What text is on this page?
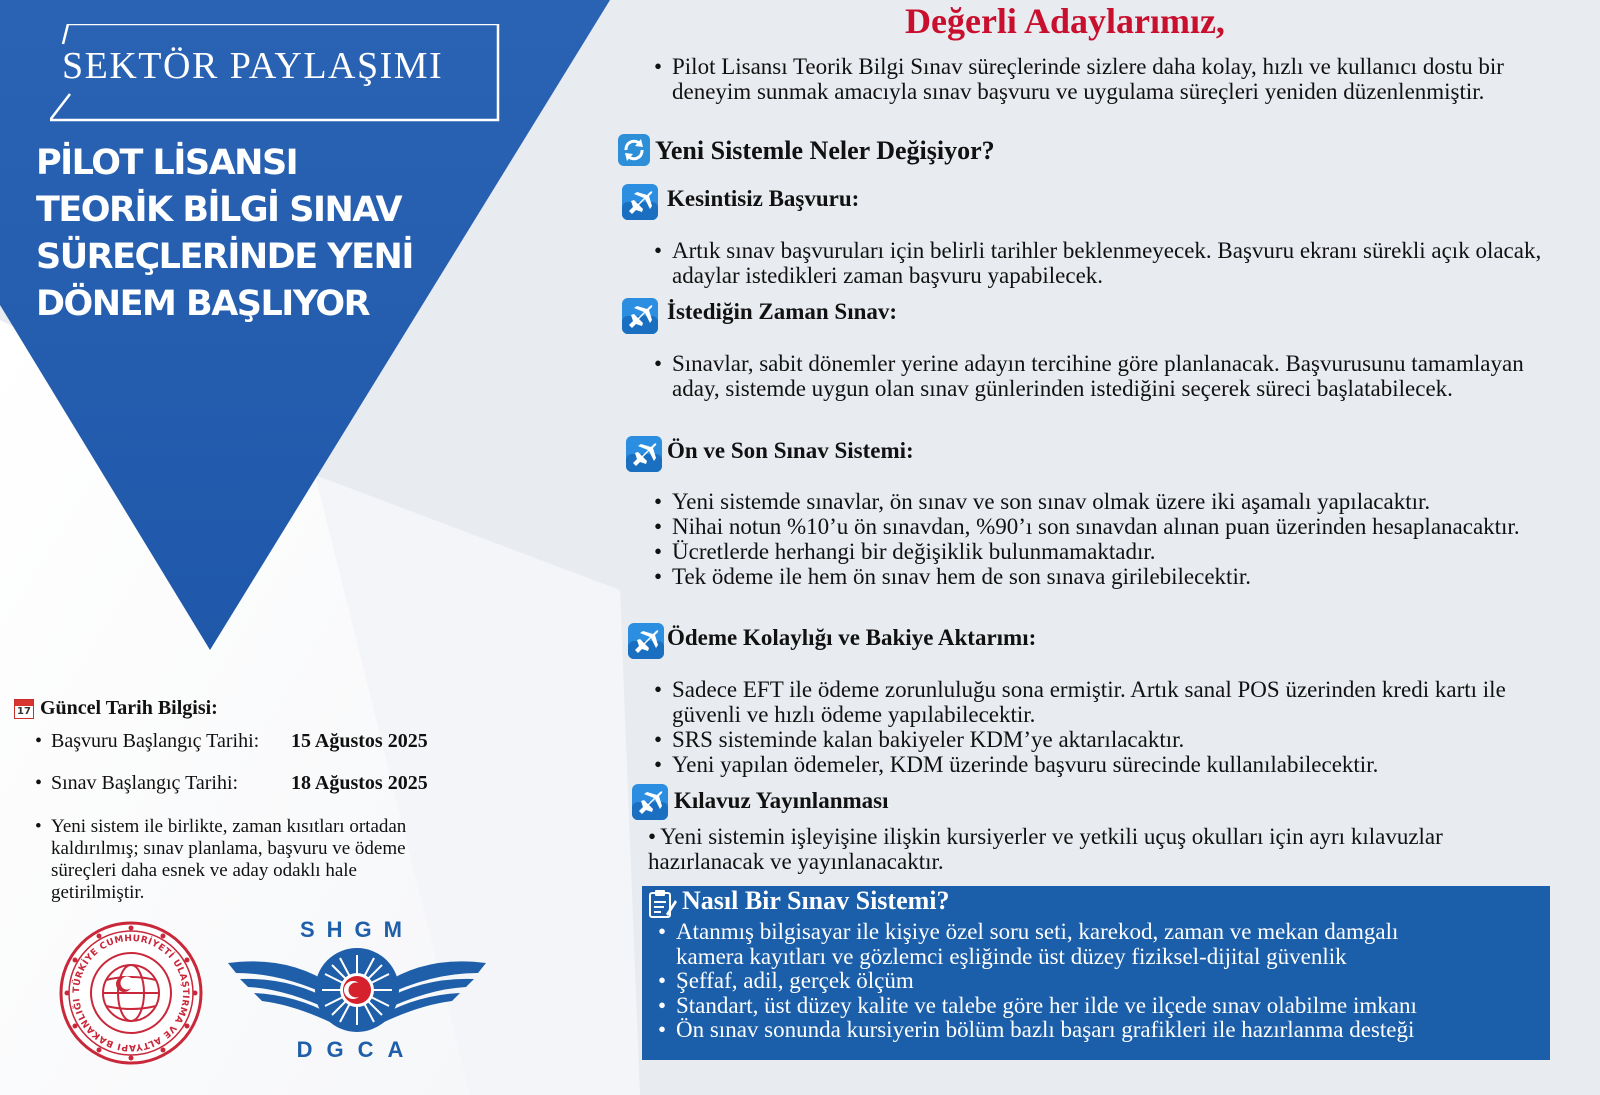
SEKTÖR PAYLAŞIMI
PİLOT LİSANSI
TEORİK BİLGİ SINAV
SÜREÇLERİNDE YENİ
DÖNEM BAŞLIYOR
17 Güncel Tarih Bilgisi:
• Başvuru Başlangıç Tarihi: 15 Ağustos 2025
• Sınav Başlangıç Tarihi:	18 Ağustos 2025
• Yeni sistem ile birlikte, zaman kısıtları ortadan kaldırılmış; sınav planlama, başvuru ve ödeme süreçleri daha esnek ve aday odaklı hale getirilmiştir.
TÜRKİYE CUMHURİYETİ ULAŞTIRMA VE ALTYAPI BAKANLIĞI
SHGM
DGCA
Değerli Adaylarımız,
• Pilot Lisansı Teorik Bilgi Sınav süreçlerinde sizlere daha kolay, hızlı ve kullanıcı dostu bir deneyim sunmak amacıyla sınav başvuru ve uygulama süreçleri yeniden düzenlenmiştir.
Yeni Sistemle Neler Değişiyor?
Kesintisiz Başvuru:
• Artık sınav başvuruları için belirli tarihler beklenmeyecek. Başvuru ekranı sürekli açık olacak, adaylar istedikleri zaman başvuru yapabilecek.
İstediğin Zaman Sınav:
• Sınavlar, sabit dönemler yerine adayın tercihine göre planlanacak. Başvurusunu tamamlayan aday, sistemde uygun olan sınav günlerinden istediğini seçerek süreci başlatabilecek.
Ön ve Son Sınav Sistemi:
• Yeni sistemde sınavlar, ön sınav ve son sınav olmak üzere iki aşamalı yapılacaktır.
• Nihai notun %10’u ön sınavdan, %90’ı son sınavdan alınan puan üzerinden hesaplanacaktır.
• Ücretlerde herhangi bir değişiklik bulunmamaktadır.
• Tek ödeme ile hem ön sınav hem de son sınava girilebilecektir.
Ödeme Kolaylığı ve Bakiye Aktarımı:
• Sadece EFT ile ödeme zorunluluğu sona ermiştir. Artık sanal POS üzerinden kredi kartı ile güvenli ve hızlı ödeme yapılabilecektir.
• SRS sisteminde kalan bakiyeler KDM’ye aktarılacaktır.
• Yeni yapılan ödemeler, KDM üzerinde başvuru sürecinde kullanılabilecektir.
Kılavuz Yayınlanması
• Yeni sistemin işleyişine ilişkin kursiyerler ve yetkili uçuş okulları için ayrı kılavuzlar hazırlanacak ve yayınlanacaktır.
Nasıl Bir Sınav Sistemi?
• Atanmış bilgisayar ile kişiye özel soru seti, karekod, zaman ve mekan damgalı
kamera kayıtları ve gözlemci eşliğinde üst düzey fiziksel-dijital güvenlik
• Şeffaf, adil, gerçek ölçüm
• Standart, üst düzey kalite ve talebe göre her ilde ve ilçede sınav olabilme imkanı
• Ön sınav sonunda kursiyerin bölüm bazlı başarı grafikleri ile hazırlanma desteği
